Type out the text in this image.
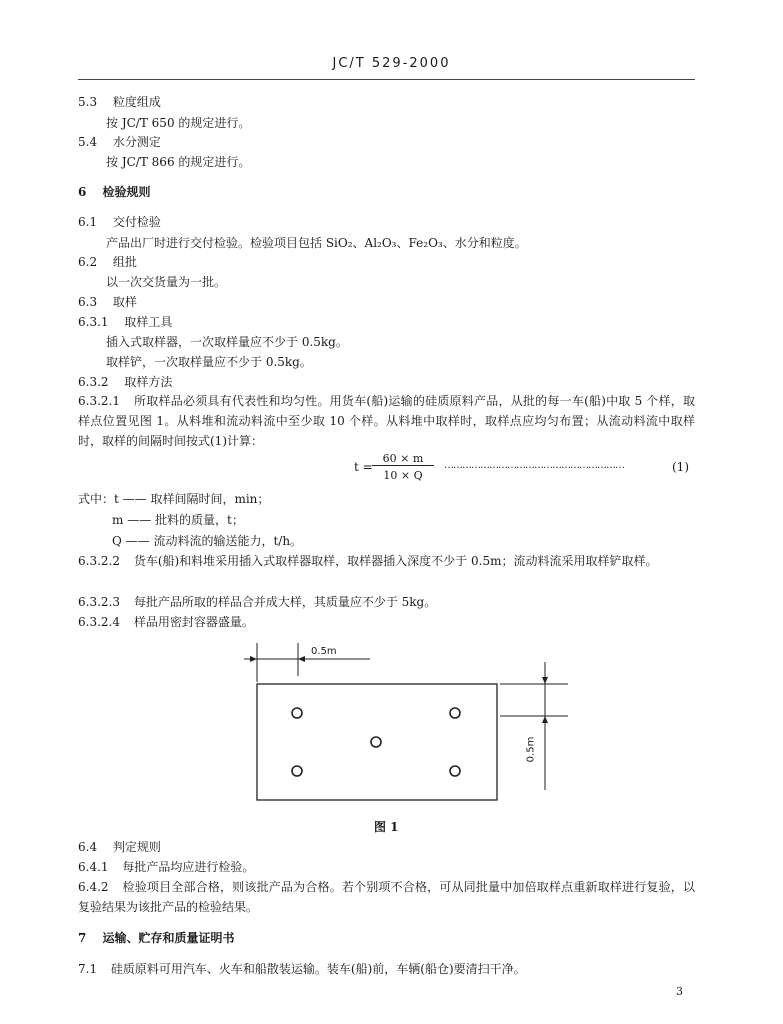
JC/T 529-2000
5.3 粒度组成
按 JC/T 650 的规定进行。
5.4 水分测定
按 JC/T 866 的规定进行。
6 检验规则
6.1 交付检验
产品出厂时进行交付检验。检验项目包括 SiO₂、Al₂O₃、Fe₂O₃、水分和粒度。
6.2 组批
以一次交货量为一批。
6.3 取样
6.3.1 取样工具
插入式取样器，一次取样量应不少于 0.5kg。
取样铲，一次取样量应不少于 0.5kg。
6.3.2 取样方法
6.3.2.1 所取样品必须具有代表性和均匀性。用货车(船)运输的硅质原料产品，从批的每一车(船)中取 5 个样，取样点位置见图 1。从料堆和流动料流中至少取 10 个样。从料堆中取样时，取样点应均匀布置；从流动料流中取样时，取样的间隔时间按式(1)计算：
t =
60 × m
10 × Q
……………………………………………………	(1)
式中：t —— 取样间隔时间，min；
m —— 批料的质量，t；
Q —— 流动料流的输送能力，t/h。
6.3.2.2 货车(船)和料堆采用插入式取样器取样，取样器插入深度不少于 0.5m；流动料流采用取样铲取样。
6.3.2.3 每批产品所取的样品合并成大样，其质量应不少于 5kg。
6.3.2.4 样品用密封容器盛量。
0.5m
0.5m
图 1
6.4 判定规则
6.4.1 每批产品均应进行检验。
6.4.2 检验项目全部合格，则该批产品为合格。若个别项不合格，可从同批量中加倍取样点重新取样进行复验，以复验结果为该批产品的检验结果。
7 运输、贮存和质量证明书
7.1 硅质原料可用汽车、火车和船散装运输。装车(船)前，车辆(船仓)要清扫干净。
3
